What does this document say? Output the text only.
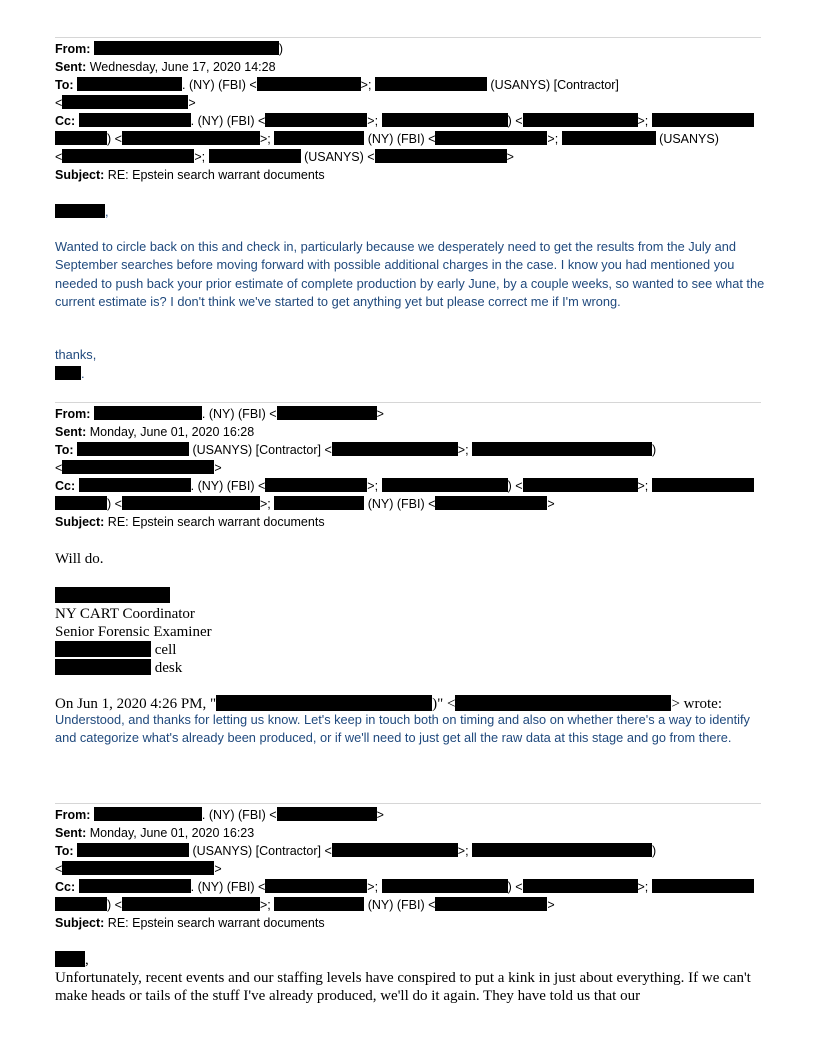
From:	)
Sent: Wednesday, June 17, 2020 14:28
To:	. (NY) (FBI) <	>;	(USANYS) [Contractor]
<	>
Cc:	. (NY) (FBI) <	>;	) <	>;
) <	>;	(NY) (FBI) <	>;	(USANYS)
<	>;	(USANYS) <	>
Subject: RE: Epstein search warrant documents
,

Wanted to circle back on this and check in, particularly because we desperately need to get the results from the July and September searches before moving forward with possible additional charges in the case. I know you had mentioned you needed to push back your prior estimate of complete production by early June, by a couple weeks, so wanted to see what the current estimate is? I don't think we've started to get anything yet but please correct me if I'm wrong.

thanks,
.
From:	. (NY) (FBI) <	>
Sent: Monday, June 01, 2020 16:28
To:	(USANYS) [Contractor] <	>;	)
<	>
Cc:	. (NY) (FBI) <	>;	) <	>;
) <	>;	(NY) (FBI) <	>
Subject: RE: Epstein search warrant documents
Will do.
NY CART Coordinator
Senior Forensic Examiner
cell
desk
On Jun 1, 2020 4:26 PM, "	)" <	> wrote:

Understood, and thanks for letting us know. Let's keep in touch both on timing and also on whether there's a way to identify and categorize what's already been produced, or if we'll need to just get all the raw data at this stage and go from there.

From:	. (NY) (FBI) <	>
Sent: Monday, June 01, 2020 16:23
To:	(USANYS) [Contractor] <	>;	)
<	>
Cc:	. (NY) (FBI) <	>;	) <	>;
) <	>;	(NY) (FBI) <	>
Subject: RE: Epstein search warrant documents
,

Unfortunately, recent events and our staffing levels have conspired to put a kink in just about everything. If we can't make heads or tails of the stuff I've already produced, we'll do it again. They have told us that our
